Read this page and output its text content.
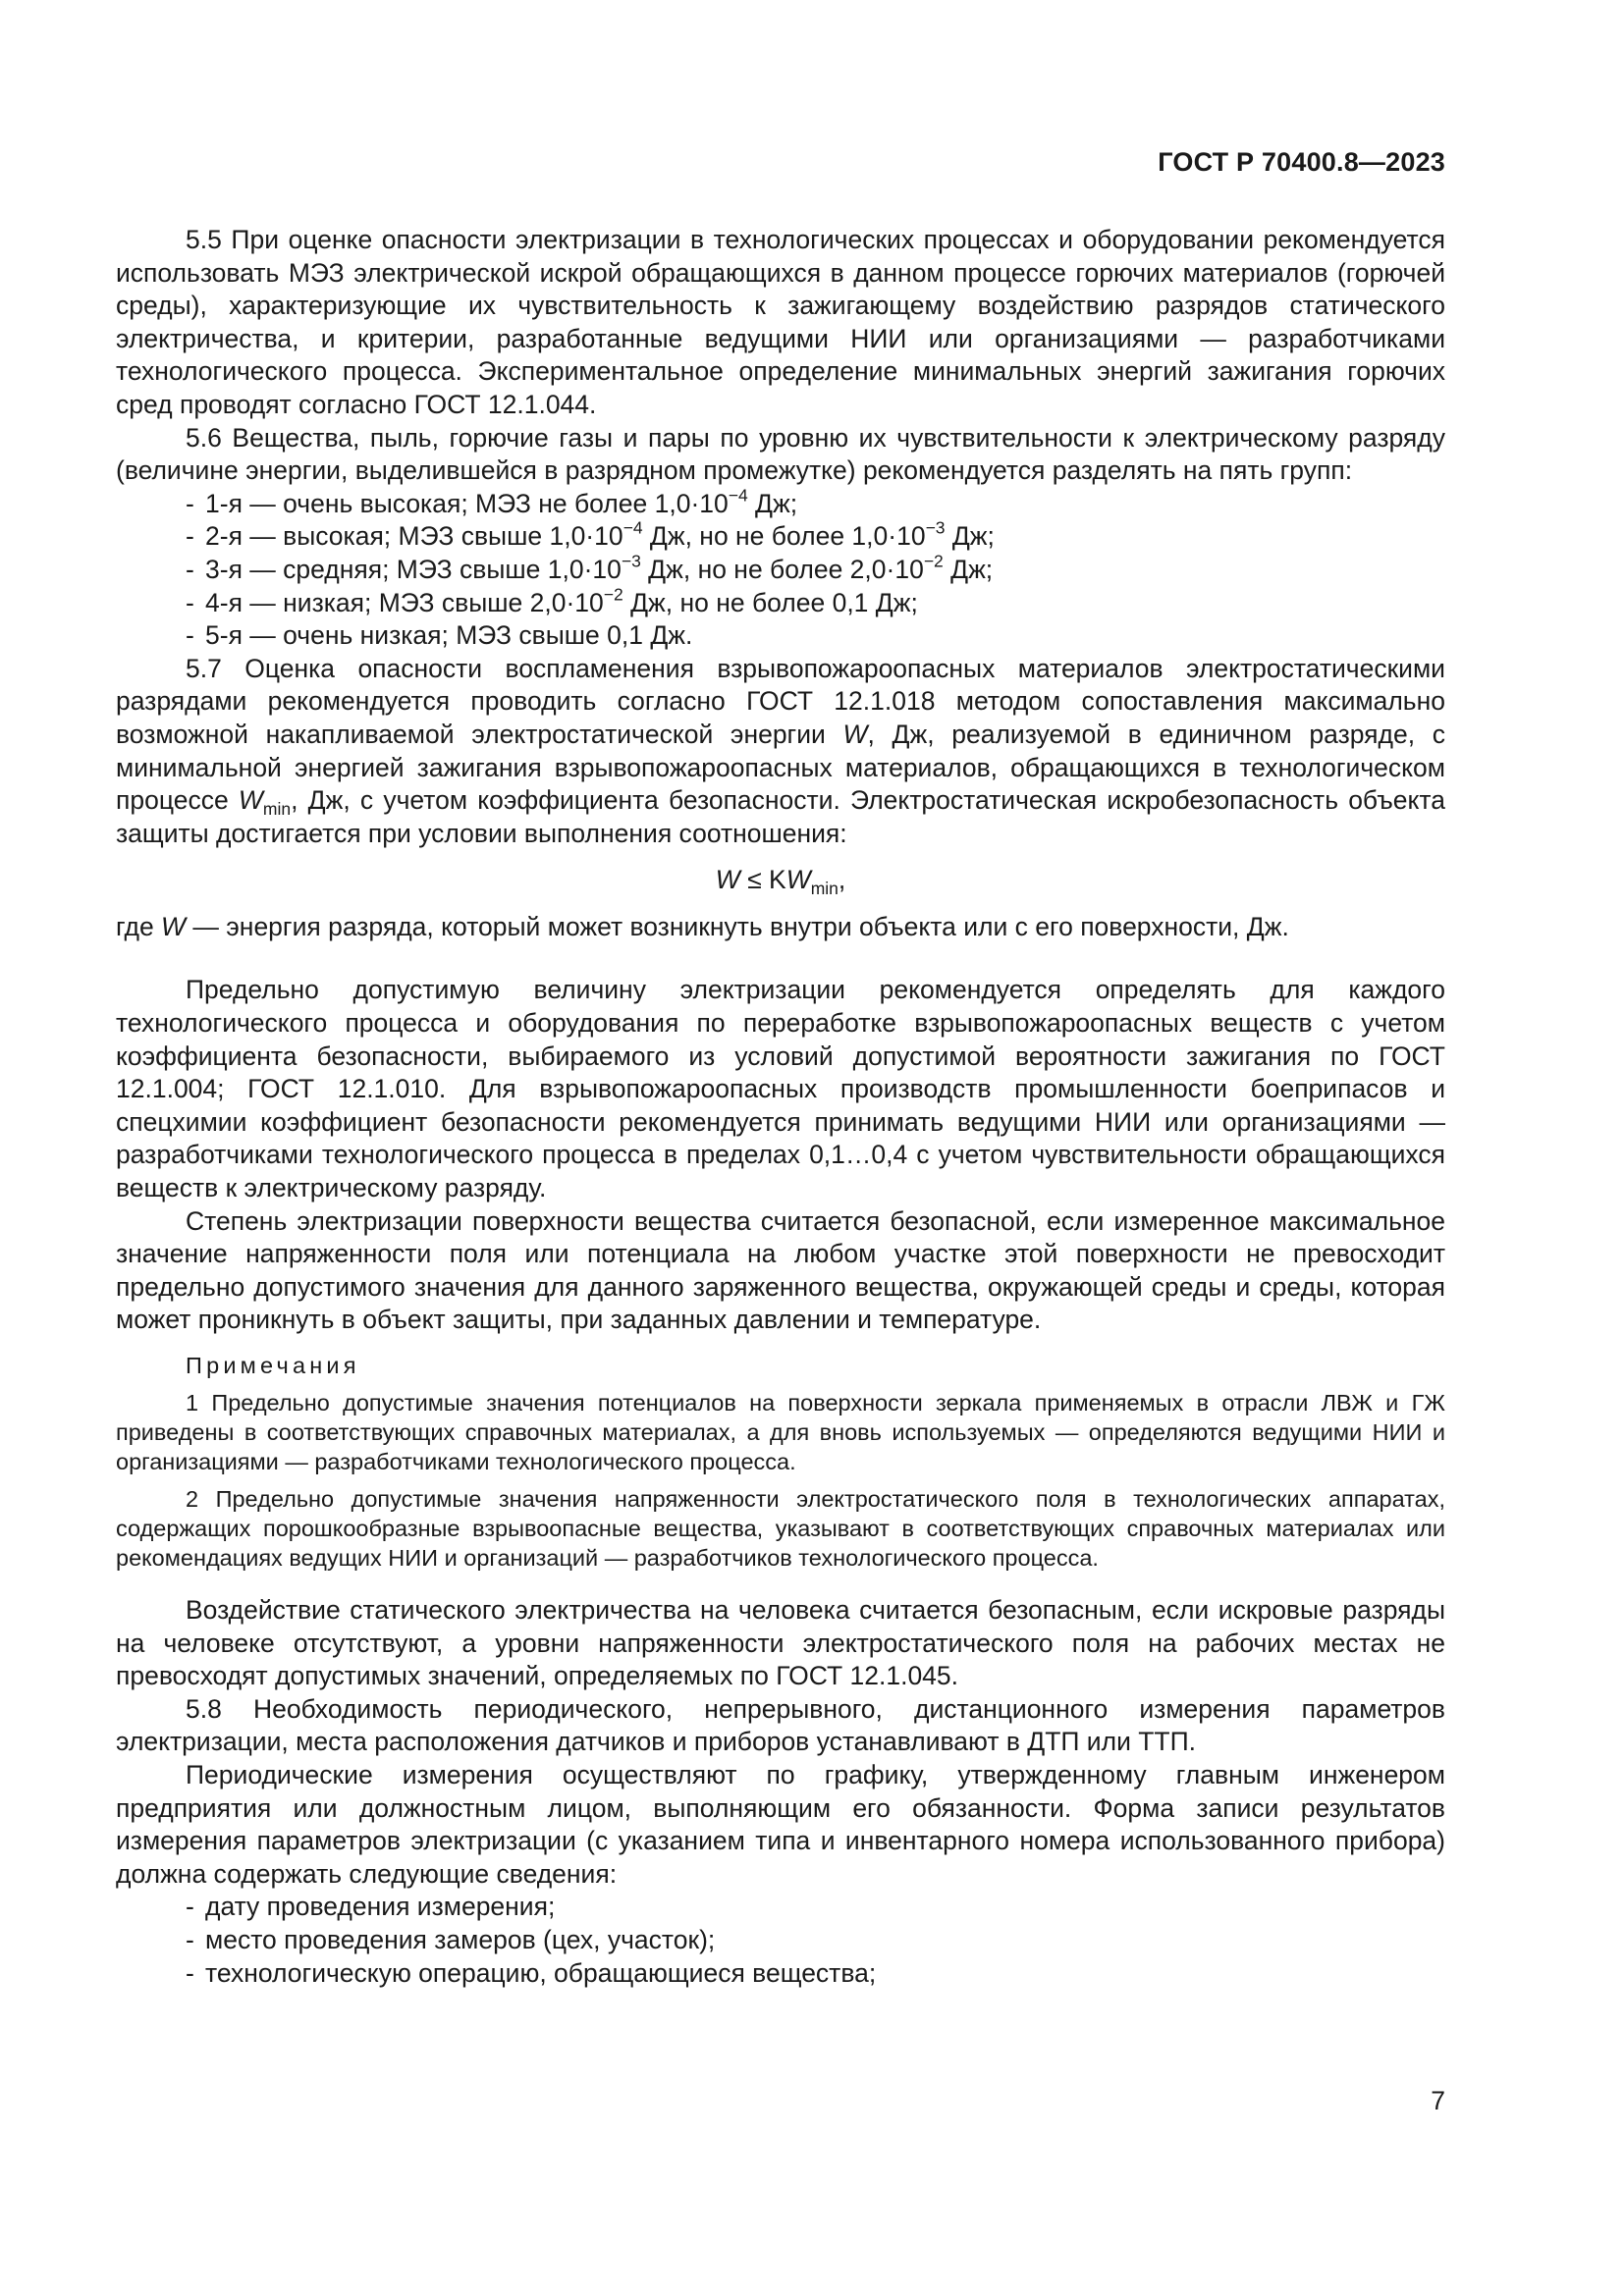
ГОСТ Р 70400.8—2023

5.5 При оценке опасности электризации в технологических процессах и оборудовании рекомендуется использовать МЭЗ электрической искрой обращающихся в данном процессе горючих материалов (горючей среды), характеризующие их чувствительность к зажигающему воздействию разрядов статического электричества, и критерии, разработанные ведущими НИИ или организациями — разработчиками технологического процесса. Экспериментальное определение минимальных энергий зажигания горючих сред проводят согласно ГОСТ 12.1.044.

5.6 Вещества, пыль, горючие газы и пары по уровню их чувствительности к электрическому разряду (величине энергии, выделившейся в разрядном промежутке) рекомендуется разделять на пять групп:

- 1-я — очень высокая; МЭЗ не более $1,0\cdot 10^{-4}$ Дж;
- 2-я — высокая; МЭЗ свыше $1,0\cdot 10^{-4}$ Дж, но не более $1,0\cdot 10^{-3}$ Дж;
- 3-я — средняя; МЭЗ свыше $1,0\cdot 10^{-3}$ Дж, но не более $2,0\cdot 10^{-2}$ Дж;
- 4-я — низкая; МЭЗ свыше $2,0\cdot 10^{-2}$ Дж, но не более 0,1 Дж;
- 5-я — очень низкая; МЭЗ свыше 0,1 Дж.

5.7 Оценка опасности воспламенения взрывопожароопасных материалов электростатическими разрядами рекомендуется проводить согласно ГОСТ 12.1.018 методом сопоставления максимально возможной накапливаемой электростатической энергии W, Дж, реализуемой в единичном разряде, с минимальной энергией зажигания взрывопожароопасных материалов, обращающихся в технологическом процессе $W_{min}$, Дж, с учетом коэффициента безопасности. Электростатическая искробезопасность объекта защиты достигается при условии выполнения соотношения:

$W \le KW_{min}$,

где W — энергия разряда, который может возникнуть внутри объекта или с его поверхности, Дж.

Предельно допустимую величину электризации рекомендуется определять для каждого технологического процесса и оборудования по переработке взрывопожароопасных веществ с учетом коэффициента безопасности, выбираемого из условий допустимой вероятности зажигания по ГОСТ 12.1.004; ГОСТ 12.1.010. Для взрывопожароопасных производств промышленности боеприпасов и спецхимии коэффициент безопасности рекомендуется принимать ведущими НИИ или организациями — разработчиками технологического процесса в пределах 0,1…0,4 с учетом чувствительности обращающихся веществ к электрическому разряду.

Степень электризации поверхности вещества считается безопасной, если измеренное максимальное значение напряженности поля или потенциала на любом участке этой поверхности не превосходит предельно допустимого значения для данного заряженного вещества, окружающей среды и среды, которая может проникнуть в объект защиты, при заданных давлении и температуре.

Примечания

1 Предельно допустимые значения потенциалов на поверхности зеркала применяемых в отрасли ЛВЖ и ГЖ приведены в соответствующих справочных материалах, а для вновь используемых — определяются ведущими НИИ и организациями — разработчиками технологического процесса.

2 Предельно допустимые значения напряженности электростатического поля в технологических аппаратах, содержащих порошкообразные взрывоопасные вещества, указывают в соответствующих справочных материалах или рекомендациях ведущих НИИ и организаций — разработчиков технологического процесса.

Воздействие статического электричества на человека считается безопасным, если искровые разряды на человеке отсутствуют, а уровни напряженности электростатического поля на рабочих местах не превосходят допустимых значений, определяемых по ГОСТ 12.1.045.

5.8 Необходимость периодического, непрерывного, дистанционного измерения параметров электризации, места расположения датчиков и приборов устанавливают в ДТП или ТТП.

Периодические измерения осуществляют по графику, утвержденному главным инженером предприятия или должностным лицом, выполняющим его обязанности. Форма записи результатов измерения параметров электризации (с указанием типа и инвентарного номера использованного прибора) должна содержать следующие сведения:

- дату проведения измерения;
- место проведения замеров (цех, участок);
- технологическую операцию, обращающиеся вещества;
7
